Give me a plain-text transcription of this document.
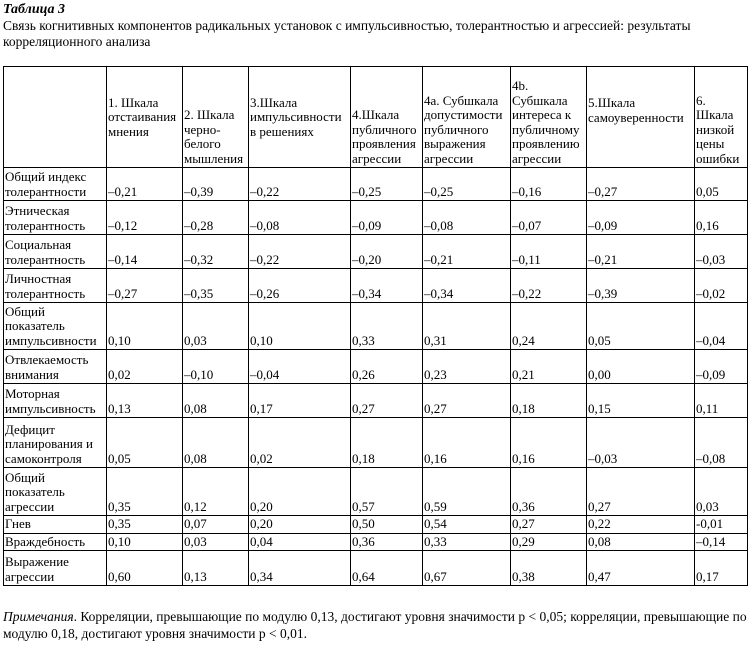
Таблица 3
Связь когнитивных компонентов радикальных установок с импульсивностью, толерантностью и агрессией: результаты корреляционного анализа
	1. Шкала отстаивания мнения	2. Шкала черно-белого мышления	3.Шкала импульсивности в решениях	4.Шкала публичного проявления агрессии	4a. Субшкала допустимости публичного выражения агрессии	4b. Субшкала интереса к публичному проявлению агрессии	5.Шкала самоуверенности	6. Шкала низкой цены ошибки
Общий индекс толерантности	–0,21	–0,39	–0,22	–0,25	–0,25	–0,16	–0,27	0,05
Этническая толерантность	–0,12	–0,28	–0,08	–0,09	–0,08	–0,07	–0,09	0,16
Социальная толерантность	–0,14	–0,32	–0,22	–0,20	–0,21	–0,11	–0,21	–0,03
Личностная толерантность	–0,27	–0,35	–0,26	–0,34	–0,34	–0,22	–0,39	–0,02
Общий показатель импульсивности	0,10	0,03	0,10	0,33	0,31	0,24	0,05	–0,04
Отвлекаемость внимания	0,02	–0,10	–0,04	0,26	0,23	0,21	0,00	–0,09
Моторная импульсивность	0,13	0,08	0,17	0,27	0,27	0,18	0,15	0,11
Дефицит планирования и самоконтроля	0,05	0,08	0,02	0,18	0,16	0,16	–0,03	–0,08
Общий показатель агрессии	0,35	0,12	0,20	0,57	0,59	0,36	0,27	0,03
Гнев	0,35	0,07	0,20	0,50	0,54	0,27	0,22	-0,01
Враждебность	0,10	0,03	0,04	0,36	0,33	0,29	0,08	–0,14
Выражение агрессии	0,60	0,13	0,34	0,64	0,67	0,38	0,47	0,17
Примечания. Корреляции, превышающие по модулю 0,13, достигают уровня значимости p < 0,05; корреляции, превышающие по модулю 0,18, достигают уровня значимости p < 0,01.
